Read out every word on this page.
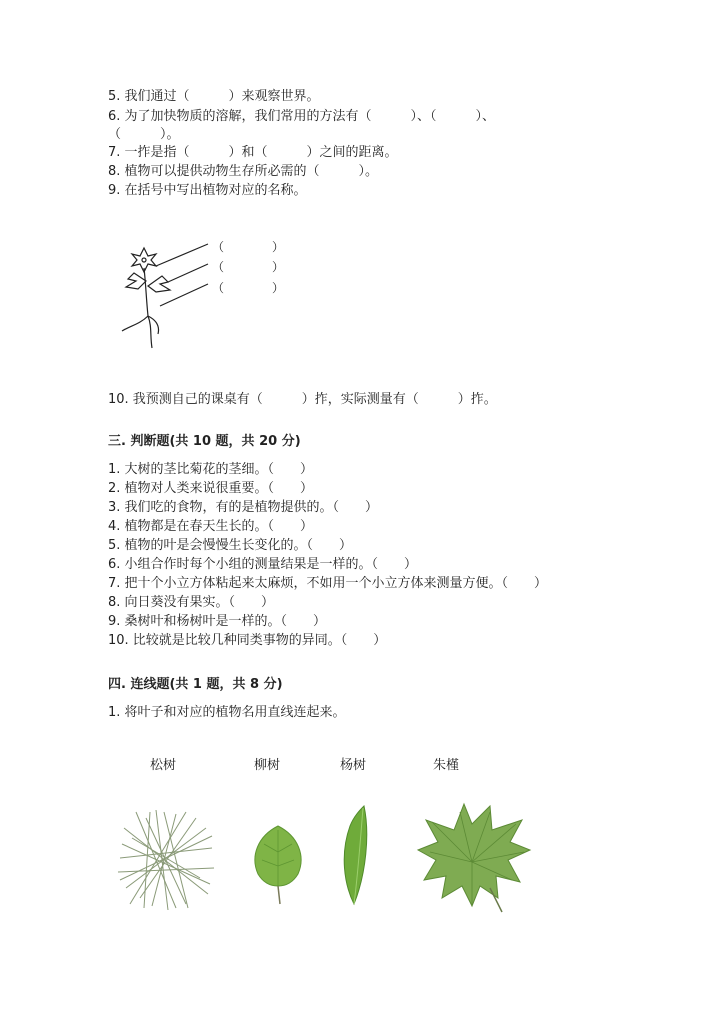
5. 我们通过（　　　）来观察世界。
6. 为了加快物质的溶解，我们常用的方法有（　　　）、（　　　）、
（　　　）。
7. 一拃是指（　　　）和（　　　）之间的距离。
8. 植物可以提供动物生存所必需的（　　　）。
9. 在括号中写出植物对应的名称。
（　　　　）
（　　　　）
（　　　　）
10. 我预测自己的课桌有（　　　）拃，实际测量有（　　　）拃。
三. 判断题(共 10 题，共 20 分)
1. 大树的茎比菊花的茎细。（　　）
2. 植物对人类来说很重要。（　　）
3. 我们吃的食物，有的是植物提供的。（　　）
4. 植物都是在春天生长的。（　　）
5. 植物的叶是会慢慢生长变化的。（　　）
6. 小组合作时每个小组的测量结果是一样的。（　　）
7. 把十个小立方体粘起来太麻烦，不如用一个小立方体来测量方便。（　　）
8. 向日葵没有果实。（　　）
9. 桑树叶和杨树叶是一样的。（　　）
10. 比较就是比较几种同类事物的异同。（　　）
四. 连线题(共 1 题，共 8 分)
1. 将叶子和对应的植物名用直线连起来。
松树	柳树	杨树	朱槿
